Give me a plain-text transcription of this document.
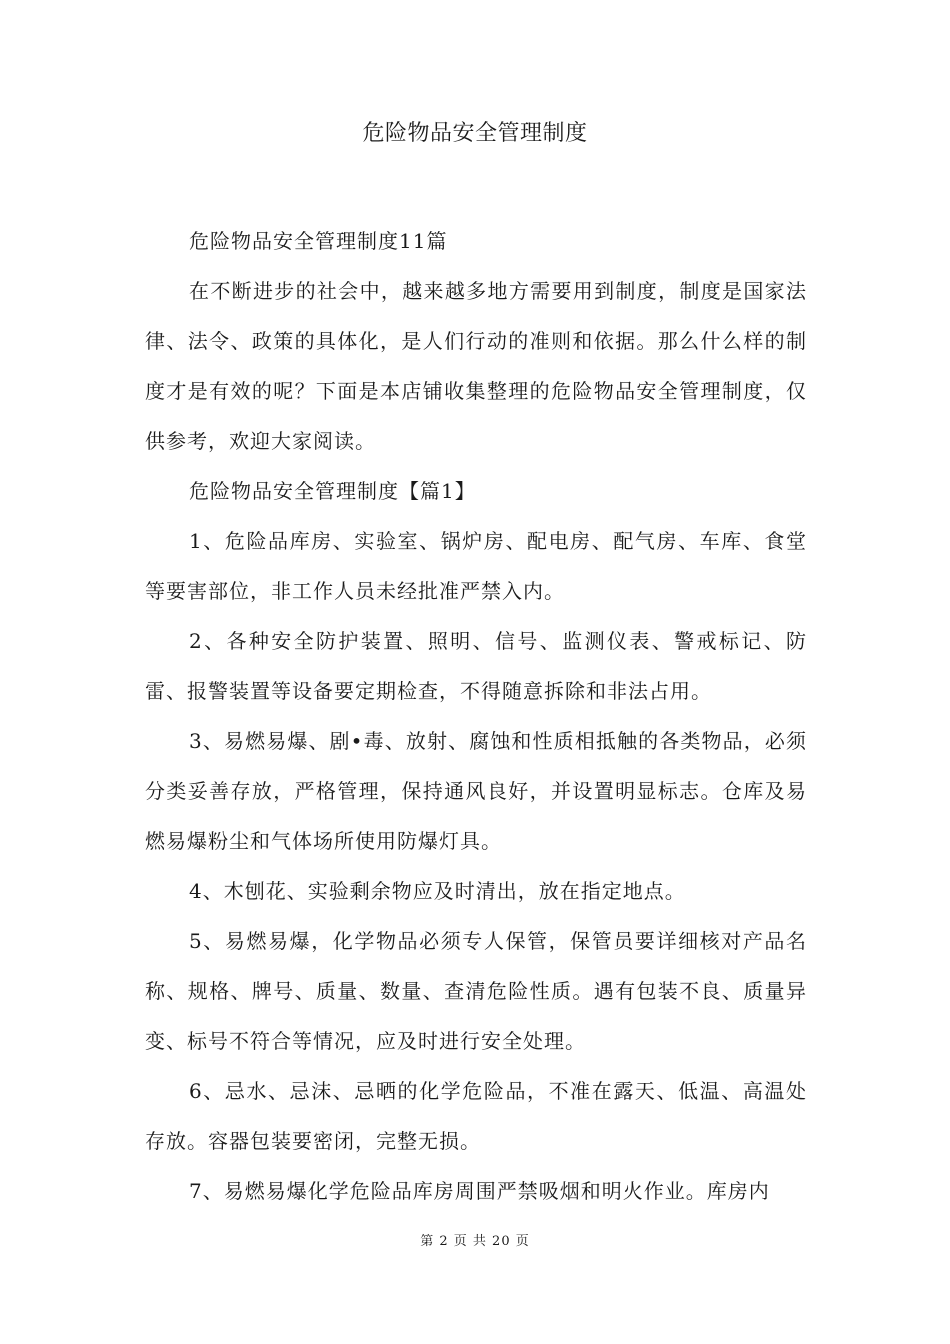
危险物品安全管理制度

危险物品安全管理制度11篇

在不断进步的社会中，越来越多地方需要用到制度，制度是国家法律、法令、政策的具体化，是人们行动的准则和依据。那么什么样的制度才是有效的呢？下面是本店铺收集整理的危险物品安全管理制度，仅供参考，欢迎大家阅读。

危险物品安全管理制度【篇1】

1、危险品库房、实验室、锅炉房、配电房、配气房、车库、食堂等要害部位，非工作人员未经批准严禁入内。

2、各种安全防护装置、照明、信号、监测仪表、警戒标记、防雷、报警装置等设备要定期检查，不得随意拆除和非法占用。

3、易燃易爆、剧•毒、放射、腐蚀和性质相抵触的各类物品，必须分类妥善存放，严格管理，保持通风良好，并设置明显标志。仓库及易燃易爆粉尘和气体场所使用防爆灯具。

4、木刨花、实验剩余物应及时清出，放在指定地点。

5、易燃易爆，化学物品必须专人保管，保管员要详细核对产品名称、规格、牌号、质量、数量、查清危险性质。遇有包装不良、质量异变、标号不符合等情况，应及时进行安全处理。

6、忌水、忌沫、忌晒的化学危险品，不准在露天、低温、高温处存放。容器包装要密闭，完整无损。

7、易燃易爆化学危险品库房周围严禁吸烟和明火作业。库房内

第 2 页 共 20 页
